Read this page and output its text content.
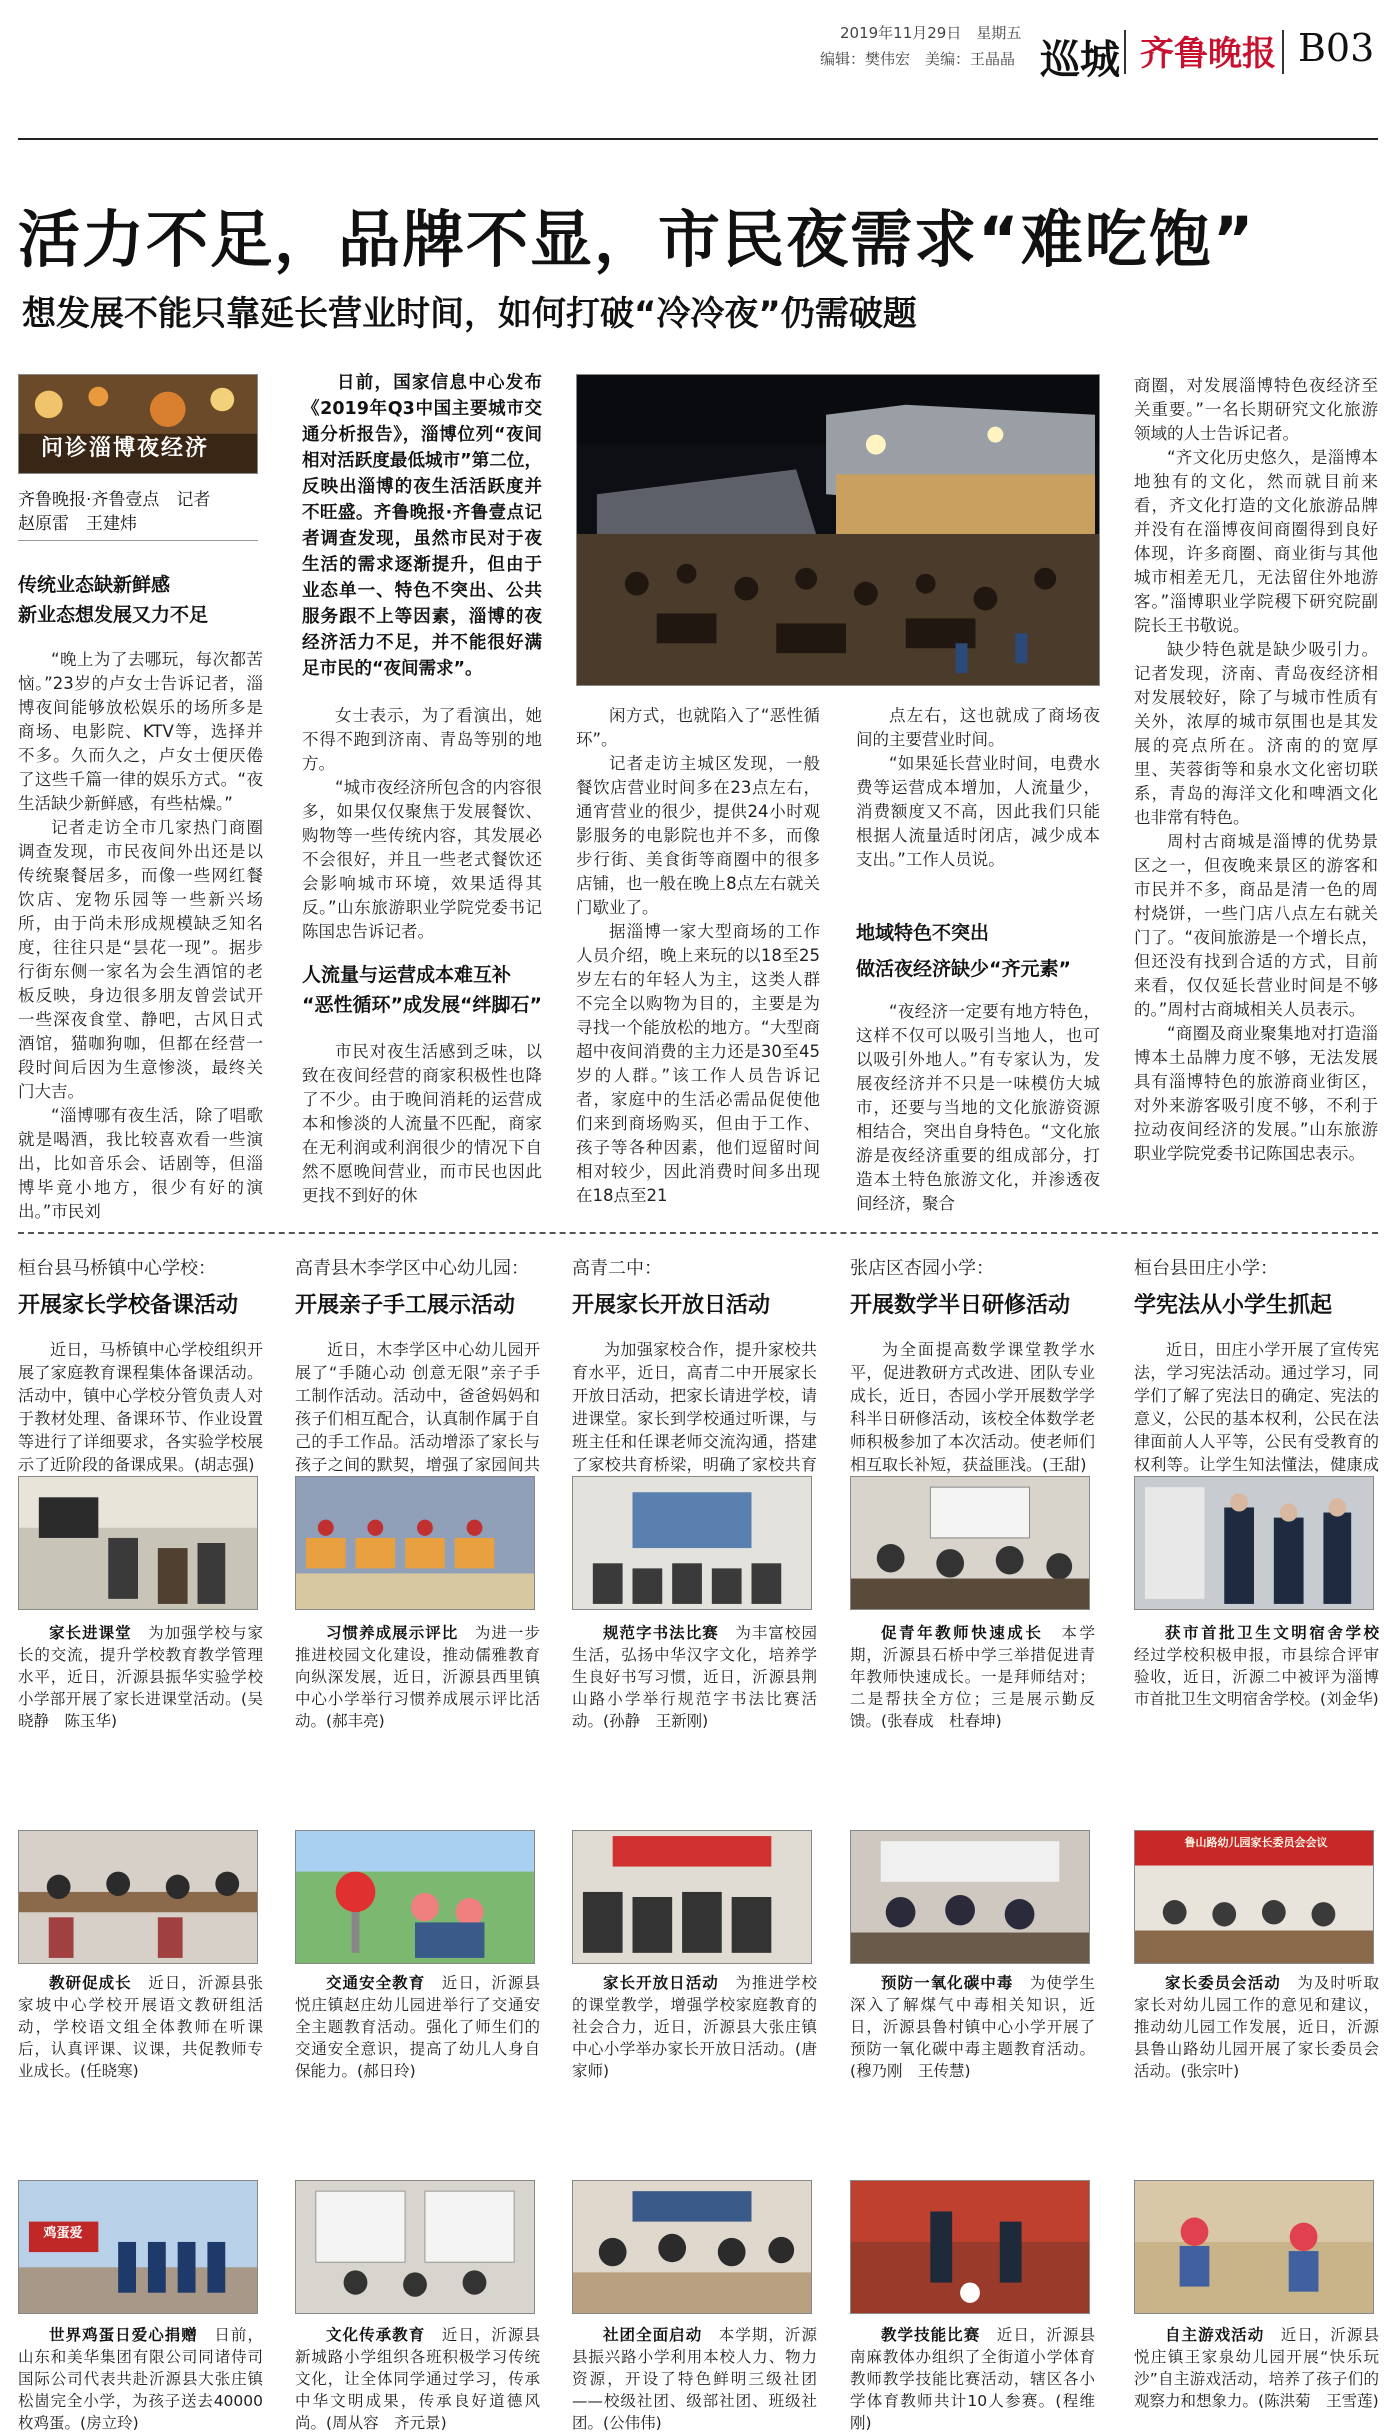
2019年11月29日　星期五
编辑：樊伟宏　美编：王晶晶 巡城 齐鲁晚报 B03
活力不足，品牌不显，市民夜需求“难吃饱”
想发展不能只靠延长营业时间，如何打破“冷冷夜”仍需破题
问诊淄博夜经济
齐鲁晚报·齐鲁壹点　记者
赵原雷　王建炜
传统业态缺新鲜感
新业态想发展又力不足

“晚上为了去哪玩，每次都苦恼。”23岁的卢女士告诉记者，淄博夜间能够放松娱乐的场所多是商场、电影院、KTV等，选择并不多。久而久之，卢女士便厌倦了这些千篇一律的娱乐方式。“夜生活缺少新鲜感，有些枯燥。”

记者走访全市几家热门商圈调查发现，市民夜间外出还是以传统聚餐居多，而像一些网红餐饮店、宠物乐园等一些新兴场所，由于尚未形成规模缺乏知名度，往往只是“昙花一现”。据步行街东侧一家名为会生酒馆的老板反映，身边很多朋友曾尝试开一些深夜食堂、静吧，古风日式酒馆，猫咖狗咖，但都在经营一段时间后因为生意惨淡，最终关门大吉。

“淄博哪有夜生活，除了唱歌就是喝酒，我比较喜欢看一些演出，比如音乐会、话剧等，但淄博毕竟小地方，很少有好的演出。”市民刘

日前，国家信息中心发布《2019年Q3中国主要城市交通分析报告》，淄博位列“夜间相对活跃度最低城市”第二位，反映出淄博的夜生活活跃度并不旺盛。齐鲁晚报·齐鲁壹点记者调查发现，虽然市民对于夜生活的需求逐渐提升，但由于业态单一、特色不突出、公共服务跟不上等因素，淄博的夜经济活力不足，并不能很好满足市民的“夜间需求”。

女士表示，为了看演出，她不得不跑到济南、青岛等别的地方。

“城市夜经济所包含的内容很多，如果仅仅聚焦于发展餐饮、购物等一些传统内容，其发展必不会很好，并且一些老式餐饮还会影响城市环境，效果适得其反。”山东旅游职业学院党委书记陈国忠告诉记者。

人流量与运营成本难互补
“恶性循环”成发展“绊脚石”

市民对夜生活感到乏味，以致在夜间经营的商家积极性也降了不少。由于晚间消耗的运营成本和惨淡的人流量不匹配，商家在无利润或利润很少的情况下自然不愿晚间营业，而市民也因此更找不到好的休

闲方式，也就陷入了“恶性循环”。

记者走访主城区发现，一般餐饮店营业时间多在23点左右，通宵营业的很少，提供24小时观影服务的电影院也并不多，而像步行街、美食街等商圈中的很多店铺，也一般在晚上8点左右就关门歇业了。

据淄博一家大型商场的工作人员介绍，晚上来玩的以18至25岁左右的年轻人为主，这类人群不完全以购物为目的，主要是为寻找一个能放松的地方。“大型商超中夜间消费的主力还是30至45岁的人群。”该工作人员告诉记者，家庭中的生活必需品促使他们来到商场购买，但由于工作、孩子等各种因素，他们逗留时间相对较少，因此消费时间多出现在18点至21

点左右，这也就成了商场夜间的主要营业时间。

“如果延长营业时间，电费水费等运营成本增加，人流量少，消费额度又不高，因此我们只能根据人流量适时闭店，减少成本支出。”工作人员说。

地域特色不突出
做活夜经济缺少“齐元素”

“夜经济一定要有地方特色，这样不仅可以吸引当地人，也可以吸引外地人。”有专家认为，发展夜经济并不只是一味模仿大城市，还要与当地的文化旅游资源相结合，突出自身特色。“文化旅游是夜经济重要的组成部分，打造本土特色旅游文化，并渗透夜间经济，聚合

商圈，对发展淄博特色夜经济至关重要。”一名长期研究文化旅游领域的人士告诉记者。

“齐文化历史悠久，是淄博本地独有的文化，然而就目前来看，齐文化打造的文化旅游品牌并没有在淄博夜间商圈得到良好体现，许多商圈、商业街与其他城市相差无几，无法留住外地游客。”淄博职业学院稷下研究院副院长王书敬说。

缺少特色就是缺少吸引力。记者发现，济南、青岛夜经济相对发展较好，除了与城市性质有关外，浓厚的城市氛围也是其发展的亮点所在。济南的的宽厚里、芙蓉街等和泉水文化密切联系，青岛的海洋文化和啤酒文化也非常有特色。

周村古商城是淄博的优势景区之一，但夜晚来景区的游客和市民并不多，商品是清一色的周村烧饼，一些门店八点左右就关门了。“夜间旅游是一个增长点，但还没有找到合适的方式，目前来看，仅仅延长营业时间是不够的。”周村古商城相关人员表示。

“商圈及商业聚集地对打造淄博本土品牌力度不够，无法发展具有淄博特色的旅游商业街区，对外来游客吸引度不够，不利于拉动夜间经济的发展。”山东旅游职业学院党委书记陈国忠表示。

桓台县马桥镇中心学校：
开展家长学校备课活动
近日，马桥镇中心学校组织开展了家庭教育课程集体备课活动。活动中，镇中心学校分管负责人对于教材处理、备课环节、作业设置等进行了详细要求，各实验学校展示了近阶段的备课成果。(胡志强)
高青县木李学区中心幼儿园：
开展亲子手工展示活动
近日，木李学区中心幼儿园开展了“手随心动 创意无限”亲子手工制作活动。活动中，爸爸妈妈和孩子们相互配合，认真制作属于自己的手工作品。活动增添了家长与孩子之间的默契，增强了家园间共
高青二中：
开展家长开放日活动
为加强家校合作，提升家校共育水平，近日，高青二中开展家长开放日活动，把家长请进学校，请进课堂。家长到学校通过听课，与班主任和任课老师交流沟通，搭建了家校共育桥梁，明确了家校共育
张店区杏园小学：
开展数学半日研修活动
为全面提高数学课堂教学水平，促进教研方式改进、团队专业成长，近日，杏园小学开展数学学科半日研修活动，该校全体数学老师积极参加了本次活动。使老师们相互取长补短，获益匪浅。(王甜)
桓台县田庄小学：
学宪法从小学生抓起
近日，田庄小学开展了宣传宪法，学习宪法活动。通过学习，同学们了解了宪法日的确定、宪法的意义，公民的基本权利，公民在法律面前人人平等，公民有受教育的权利等。让学生知法懂法，健康成
家长进课堂　 为加强学校与家长的交流，提升学校教育教学管理水平，近日，沂源县振华实验学校小学部开展了家长进课堂活动。(吴晓静　陈玉华)
习惯养成展示评比　 为进一步推进校园文化建设，推动儒雅教育向纵深发展，近日，沂源县西里镇中心小学举行习惯养成展示评比活动。(郝丰亮)
规范字书法比赛　 为丰富校园生活，弘扬中华汉字文化，培养学生良好书写习惯，近日，沂源县荆山路小学举行规范字书法比赛活动。(孙静　王新刚)
促青年教师快速成长　 本学期，沂源县石桥中学三举措促进青年教师快速成长。一是拜师结对；二是帮扶全方位；三是展示勤反馈。(张春成　杜春坤)
获市首批卫生文明宿舍学校　经过学校积极申报，市县综合评审验收，近日，沂源二中被评为淄博市首批卫生文明宿舍学校。(刘金华)
教研促成长　 近日，沂源县张家坡中心学校开展语文教研组活动，学校语文组全体教师在听课后，认真评课、议课，共促教师专业成长。(任晓寒)
交通安全教育　 近日，沂源县悦庄镇赵庄幼儿园进举行了交通安全主题教育活动。强化了师生们的交通安全意识，提高了幼儿人身自保能力。(郝日玲)
家长开放日活动　 为推进学校的课堂教学，增强学校家庭教育的社会合力，近日，沂源县大张庄镇中心小学举办家长开放日活动。(唐家师)
预防一氧化碳中毒　 为使学生深入了解煤气中毒相关知识，近日，沂源县鲁村镇中心小学开展了预防一氧化碳中毒主题教育活动。(穆乃刚　王传慧)
家长委员会活动　 为及时听取家长对幼儿园工作的意见和建议，推动幼儿园工作发展，近日，沂源县鲁山路幼儿园开展了家长委员会活动。(张宗叶)
世界鸡蛋日爱心捐赠　 日前，山东和美华集团有限公司同诸侍司国际公司代表共赴沂源县大张庄镇松崮完全小学，为孩子送去40000枚鸡蛋。(房立玲)
文化传承教育　 近日，沂源县新城路小学组织各班积极学习传统文化，让全体同学通过学习，传承中华文明成果，传承良好道德风尚。(周从容　齐元景)
社团全面启动　 本学期，沂源县振兴路小学利用本校人力、物力资源，开设了特色鲜明三级社团——校级社团、级部社团、班级社团。(公伟伟)
教学技能比赛　 近日，沂源县南麻教体办组织了全街道小学体育教师教学技能比赛活动，辖区各小学体育教师共计10人参赛。(程维刚)
自主游戏活动　 近日，沂源县悦庄镇王家泉幼儿园开展“快乐玩沙”自主游戏活动，培养了孩子们的观察力和想象力。(陈洪菊　王雪莲)
鲁山路幼儿园家长委员会会议
鸡蛋爱
